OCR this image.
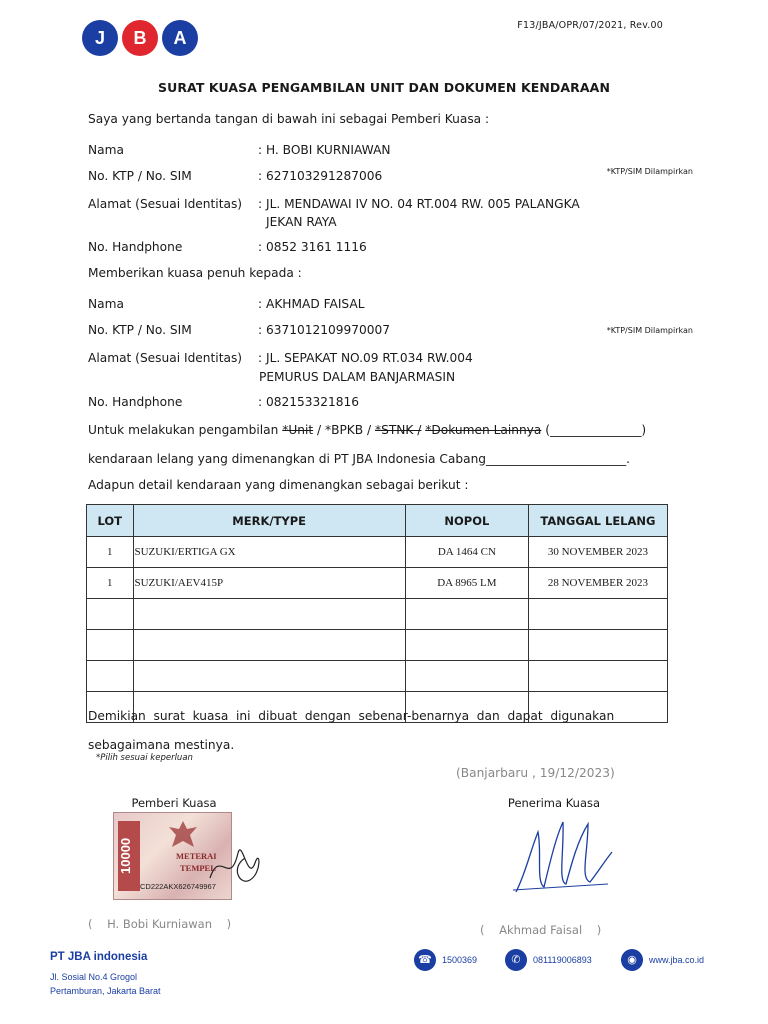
F13/JBA/OPR/07/2021, Rev.00
J	B	A
SURAT KUASA PENGAMBILAN UNIT DAN DOKUMEN KENDARAAN
Saya yang bertanda tangan di bawah ini sebagai Pemberi Kuasa :
Nama	: H. BOBI KURNIAWAN
No. KTP / No. SIM	: 627103291287006	*KTP/SIM Dilampirkan
Alamat (Sesuai Identitas) : JL. MENDAWAI IV NO. 04 RT.004 RW. 005 PALANGKA
JEKAN RAYA
No. Handphone	: 0852 3161 1116
Memberikan kuasa penuh kepada :
Nama	: AKHMAD FAISAL
No. KTP / No. SIM	: 6371012109970007	*KTP/SIM Dilampirkan
Alamat (Sesuai Identitas) : JL. SEPAKAT NO.09 RT.034 RW.004
PEMURUS DALAM BANJARMASIN
No. Handphone	: 082153321816
Untuk melakukan pengambilan *Unit / *BPKB / *STNK / *Dokumen Lainnya (_______________)
kendaraan lelang yang dimenangkan di PT JBA Indonesia Cabang_______________________.
Adapun detail kendaraan yang dimenangkan sebagai berikut :
LOT	MERK/TYPE	NOPOL	TANGGAL LELANG
1	SUZUKI/ERTIGA GX	DA 1464 CN	30 NOVEMBER 2023
1	SUZUKI/AEV415P	DA 8965 LM	28 NOVEMBER 2023

Demikian  surat  kuasa  ini  dibuat  dengan  sebenar-benarnya  dan  dapat  digunakan
sebagaimana mestinya.
*Pilih sesuai keperluan
(Banjarbaru , 19/12/2023)
Pemberi Kuasa	Penerima Kuasa
10000	METERAI
TEMPEL
CD222AKX626749967
(    H. Bobi Kurniawan    )	(    Akhmad Faisal    )
PT JBA indonesia
Jl. Sosial No.4 Grogol
Pertamburan, Jakarta Barat
☎	1500369	✆	081119006893	◉	www.jba.co.id
